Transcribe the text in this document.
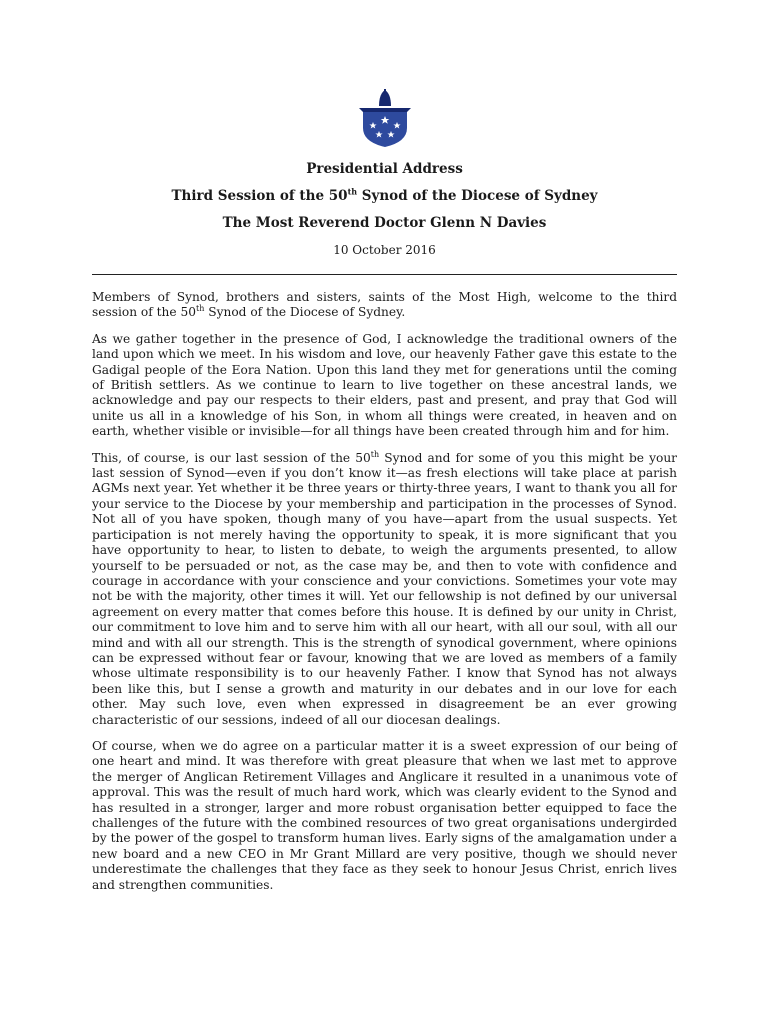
Presidential Address
Third Session of the 50th Synod of the Diocese of Sydney
The Most Reverend Doctor Glenn N Davies
10 October 2016

Members of Synod, brothers and sisters, saints of the Most High, welcome to the third session of the 50th Synod of the Diocese of Sydney.

As we gather together in the presence of God, I acknowledge the traditional owners of the land upon which we meet. In his wisdom and love, our heavenly Father gave this estate to the Gadigal people of the Eora Nation. Upon this land they met for generations until the coming of British settlers. As we continue to learn to live together on these ancestral lands, we acknowledge and pay our respects to their elders, past and present, and pray that God will unite us all in a knowledge of his Son, in whom all things were created, in heaven and on earth, whether visible or invisible—for all things have been created through him and for him.

This, of course, is our last session of the 50th Synod and for some of you this might be your last session of Synod—even if you don’t know it—as fresh elections will take place at parish AGMs next year. Yet whether it be three years or thirty-three years, I want to thank you all for your service to the Diocese by your membership and participation in the processes of Synod. Not all of you have spoken, though many of you have—apart from the usual suspects. Yet participation is not merely having the opportunity to speak, it is more significant that you have opportunity to hear, to listen to debate, to weigh the arguments presented, to allow yourself to be persuaded or not, as the case may be, and then to vote with confidence and courage in accordance with your conscience and your convictions. Sometimes your vote may not be with the majority, other times it will. Yet our fellowship is not defined by our universal agreement on every matter that comes before this house. It is defined by our unity in Christ, our commitment to love him and to serve him with all our heart, with all our soul, with all our mind and with all our strength. This is the strength of synodical government, where opinions can be expressed without fear or favour, knowing that we are loved as members of a family whose ultimate responsibility is to our heavenly Father. I know that Synod has not always been like this, but I sense a growth and maturity in our debates and in our love for each other. May such love, even when expressed in disagreement be an ever growing characteristic of our sessions, indeed of all our diocesan dealings.

Of course, when we do agree on a particular matter it is a sweet expression of our being of one heart and mind. It was therefore with great pleasure that when we last met to approve the merger of Anglican Retirement Villages and Anglicare it resulted in a unanimous vote of approval. This was the result of much hard work, which was clearly evident to the Synod and has resulted in a stronger, larger and more robust organisation better equipped to face the challenges of the future with the combined resources of two great organisations undergirded by the power of the gospel to transform human lives. Early signs of the amalgamation under a new board and a new CEO in Mr Grant Millard are very positive, though we should never underestimate the challenges that they face as they seek to honour Jesus Christ, enrich lives and strengthen communities.
